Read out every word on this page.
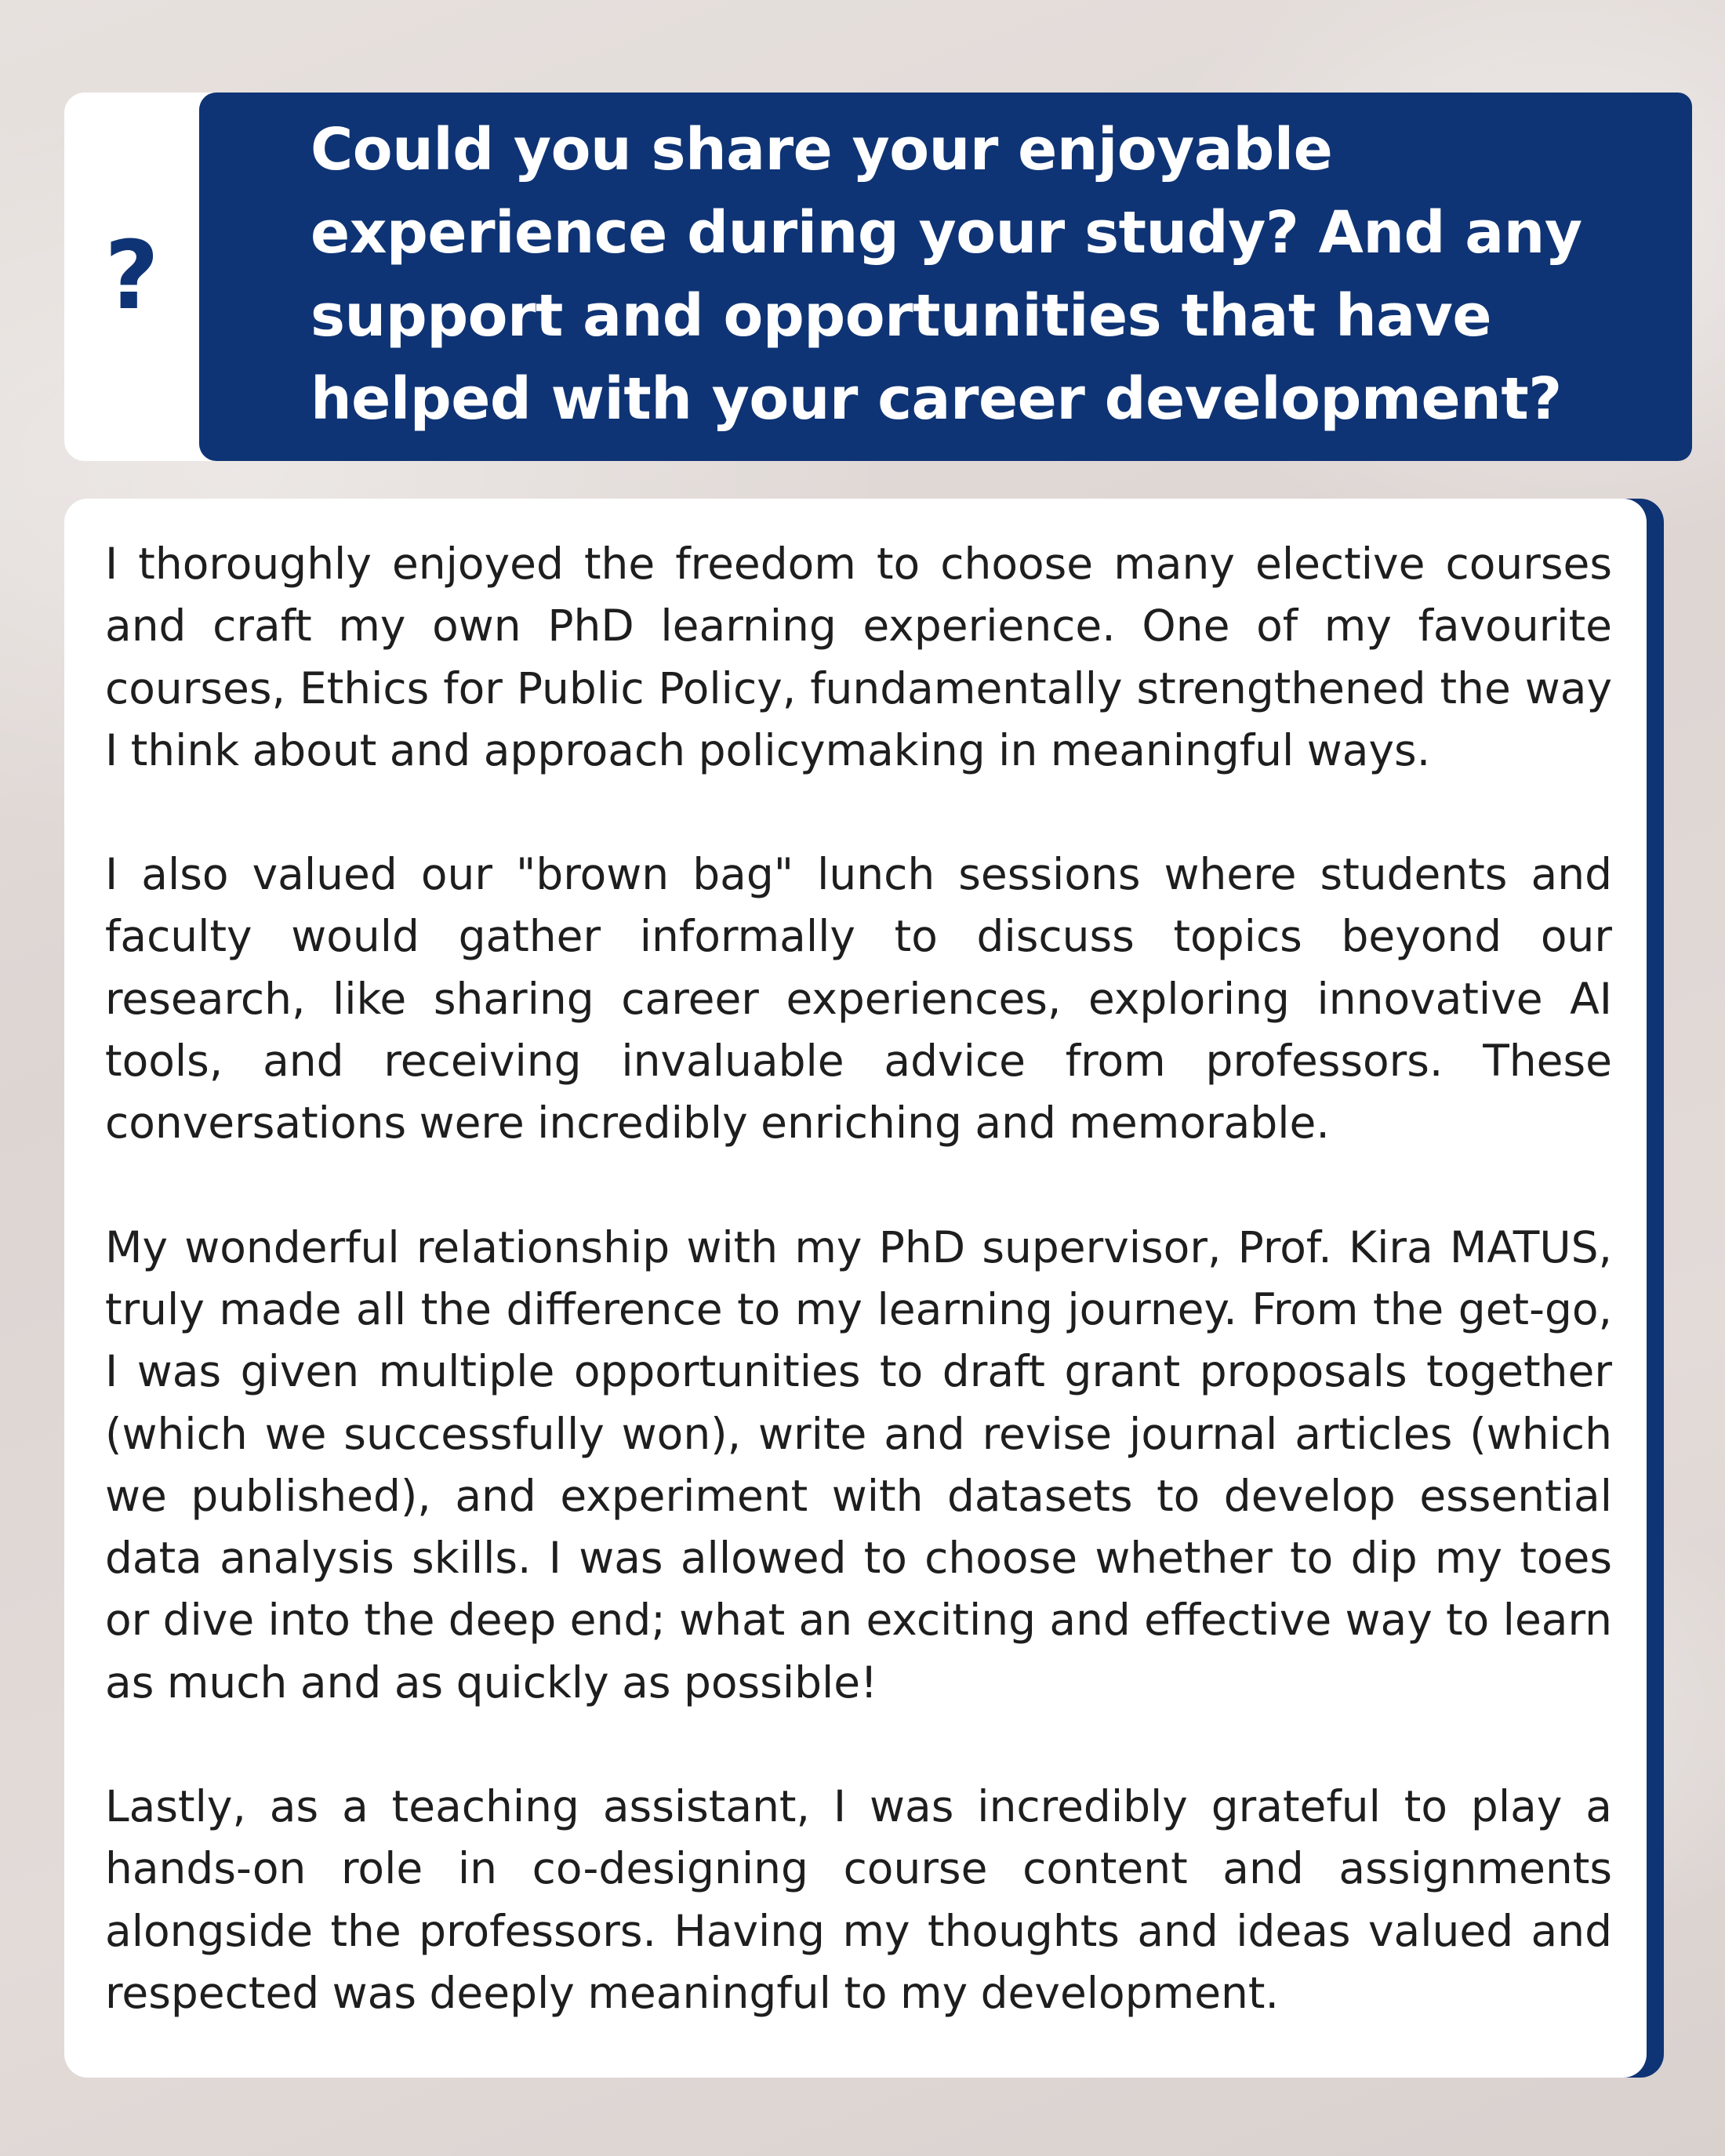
?

Could you share your enjoyable experience during your study? And any support and opportunities that have helped with your career development?

I thoroughly enjoyed the freedom to choose many elective courses and craft my own PhD learning experience. One of my favourite courses, Ethics for Public Policy, fundamentally strengthened the way I think about and approach policymaking in meaningful ways.

I also valued our "brown bag" lunch sessions where students and faculty would gather informally to discuss topics beyond our research, like sharing career experiences, exploring innovative AI tools, and receiving invaluable advice from professors. These conversations were incredibly enriching and memorable.

My wonderful relationship with my PhD supervisor, Prof. Kira MATUS, truly made all the difference to my learning journey. From the get-go, I was given multiple opportunities to draft grant proposals together (which we successfully won), write and revise journal articles (which we published), and experiment with datasets to develop essential data analysis skills. I was allowed to choose whether to dip my toes or dive into the deep end; what an exciting and effective way to learn as much and as quickly as possible!

Lastly, as a teaching assistant, I was incredibly grateful to play a hands-on role in co-designing course content and assignments alongside the professors. Having my thoughts and ideas valued and respected was deeply meaningful to my development.
